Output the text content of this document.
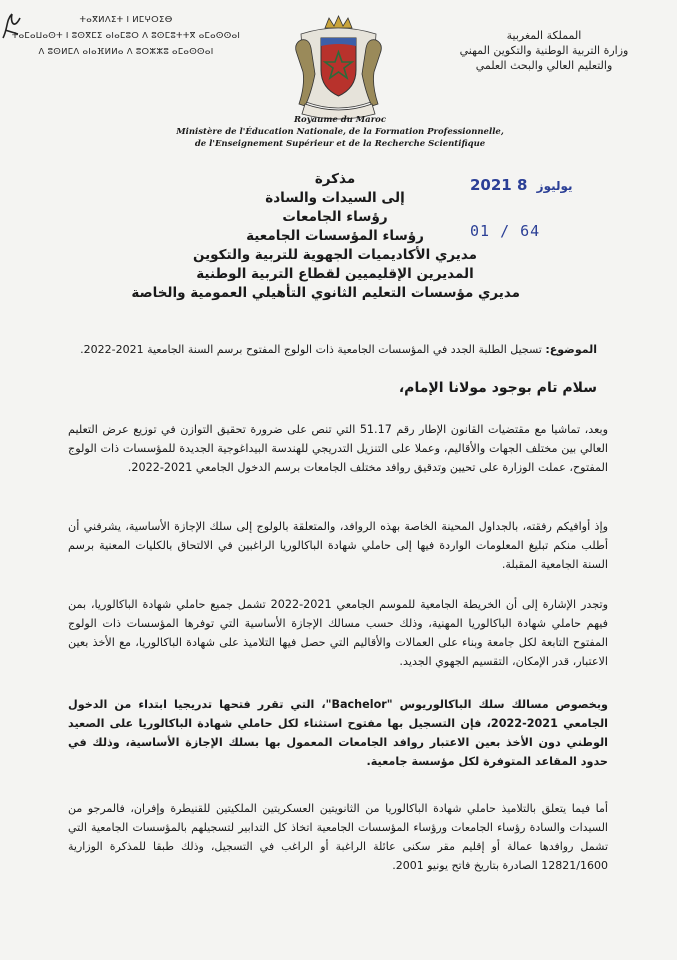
ⵜⴰⴳⵍⴷⵉⵜ ⵏ ⵍⵎⵖⵔⵉⴱ
ⵜⴰⵎⴰⵡⴰⵙⵜ ⵏ ⵓⵙⴳⵎⵉ ⴰⵏⴰⵎⵓⵔ ⴷ ⵓⵙⵎⵓⵜⵜⴳ ⴰⵎⴰⵙⵙⴰⵏ
ⴷ ⵓⵙⵍⵎⴷ ⴰⵏⴰⴼⵍⵍⴰ ⴷ ⵓⵔⵣⵣⵓ ⴰⵎⴰⵙⵙⴰⵏ
المملكة المغربية
وزارة التربية الوطنية والتكوين المهني
والتعليم العالي والبحث العلمي
Royaume du Maroc
Ministère de l'Éducation Nationale, de la Formation Professionnelle,
de l'Enseignement Supérieur et de la Recherche Scientifique
مذكرة
إلى السيدات والسادة
رؤساء الجامعات
رؤساء المؤسسات الجامعية
مديري الأكاديميات الجهوية للتربية والتكوين
المديرين الإقليميين لقطاع التربية الوطنية
مديري مؤسسات التعليم الثانوي التأهيلي العمومية والخاصة
2021 يوليوز 8
01 / 64
الموضوع: تسجيل الطلبة الجدد في المؤسسات الجامعية ذات الولوج المفتوح برسم السنة الجامعية 2021-2022.
سلام تام بوجود مولانا الإمام،
وبعد، تماشيا مع مقتضيات القانون الإطار رقم 51.17 التي تنص على ضرورة تحقيق التوازن في توزيع عرض التعليم العالي بين مختلف الجهات والأقاليم، وعملا على التنزيل التدريجي للهندسة البيداغوجية الجديدة للمؤسسات ذات الولوج المفتوح، عملت الوزارة على تحيين وتدقيق روافد مختلف الجامعات برسم الدخول الجامعي 2021-2022.
وإذ أوافيكم رفقته، بالجداول المحينة الخاصة بهذه الروافد، والمتعلقة بالولوج إلى سلك الإجازة الأساسية، يشرفني أن أطلب منكم تبليغ المعلومات الواردة فيها إلى حاملي شهادة الباكالوريا الراغبين في الالتحاق بالكليات المعنية برسم السنة الجامعية المقبلة.
وتجدر الإشارة إلى أن الخريطة الجامعية للموسم الجامعي 2021-2022 تشمل جميع حاملي شهادة الباكالوريا، بمن فيهم حاملي شهادة الباكالوريا المهنية، وذلك حسب مسالك الإجازة الأساسية التي توفرها المؤسسات ذات الولوج المفتوح التابعة لكل جامعة وبناء على العمالات والأقاليم التي حصل فيها التلاميذ على شهادة الباكالوريا، مع الأخذ بعين الاعتبار، قدر الإمكان، التقسيم الجهوي الجديد.
وبخصوص مسالك سلك الباكالوريوس "Bachelor"، التي تقرر فتحها تدريجيا ابتداء من الدخول الجامعي 2021-2022، فإن التسجيل بها مفتوح استثناء لكل حاملي شهادة الباكالوريا على الصعيد الوطني دون الأخذ بعين الاعتبار روافد الجامعات المعمول بها بسلك الإجازة الأساسية، وذلك في حدود المقاعد المتوفرة لكل مؤسسة جامعية.
أما فيما يتعلق بالتلاميذ حاملي شهادة الباكالوريا من الثانويتين العسكريتين الملكيتين للقنيطرة وإفران، فالمرجو من السيدات والسادة رؤساء الجامعات ورؤساء المؤسسات الجامعية اتخاذ كل التدابير لتسجيلهم بالمؤسسات الجامعية التي تشمل روافدها عمالة أو إقليم مقر سكنى عائلة الراغبة أو الراغب في التسجيل، وذلك طبقا للمذكرة الوزارية 12821/1600 الصادرة بتاريخ فاتح يونيو 2001.
